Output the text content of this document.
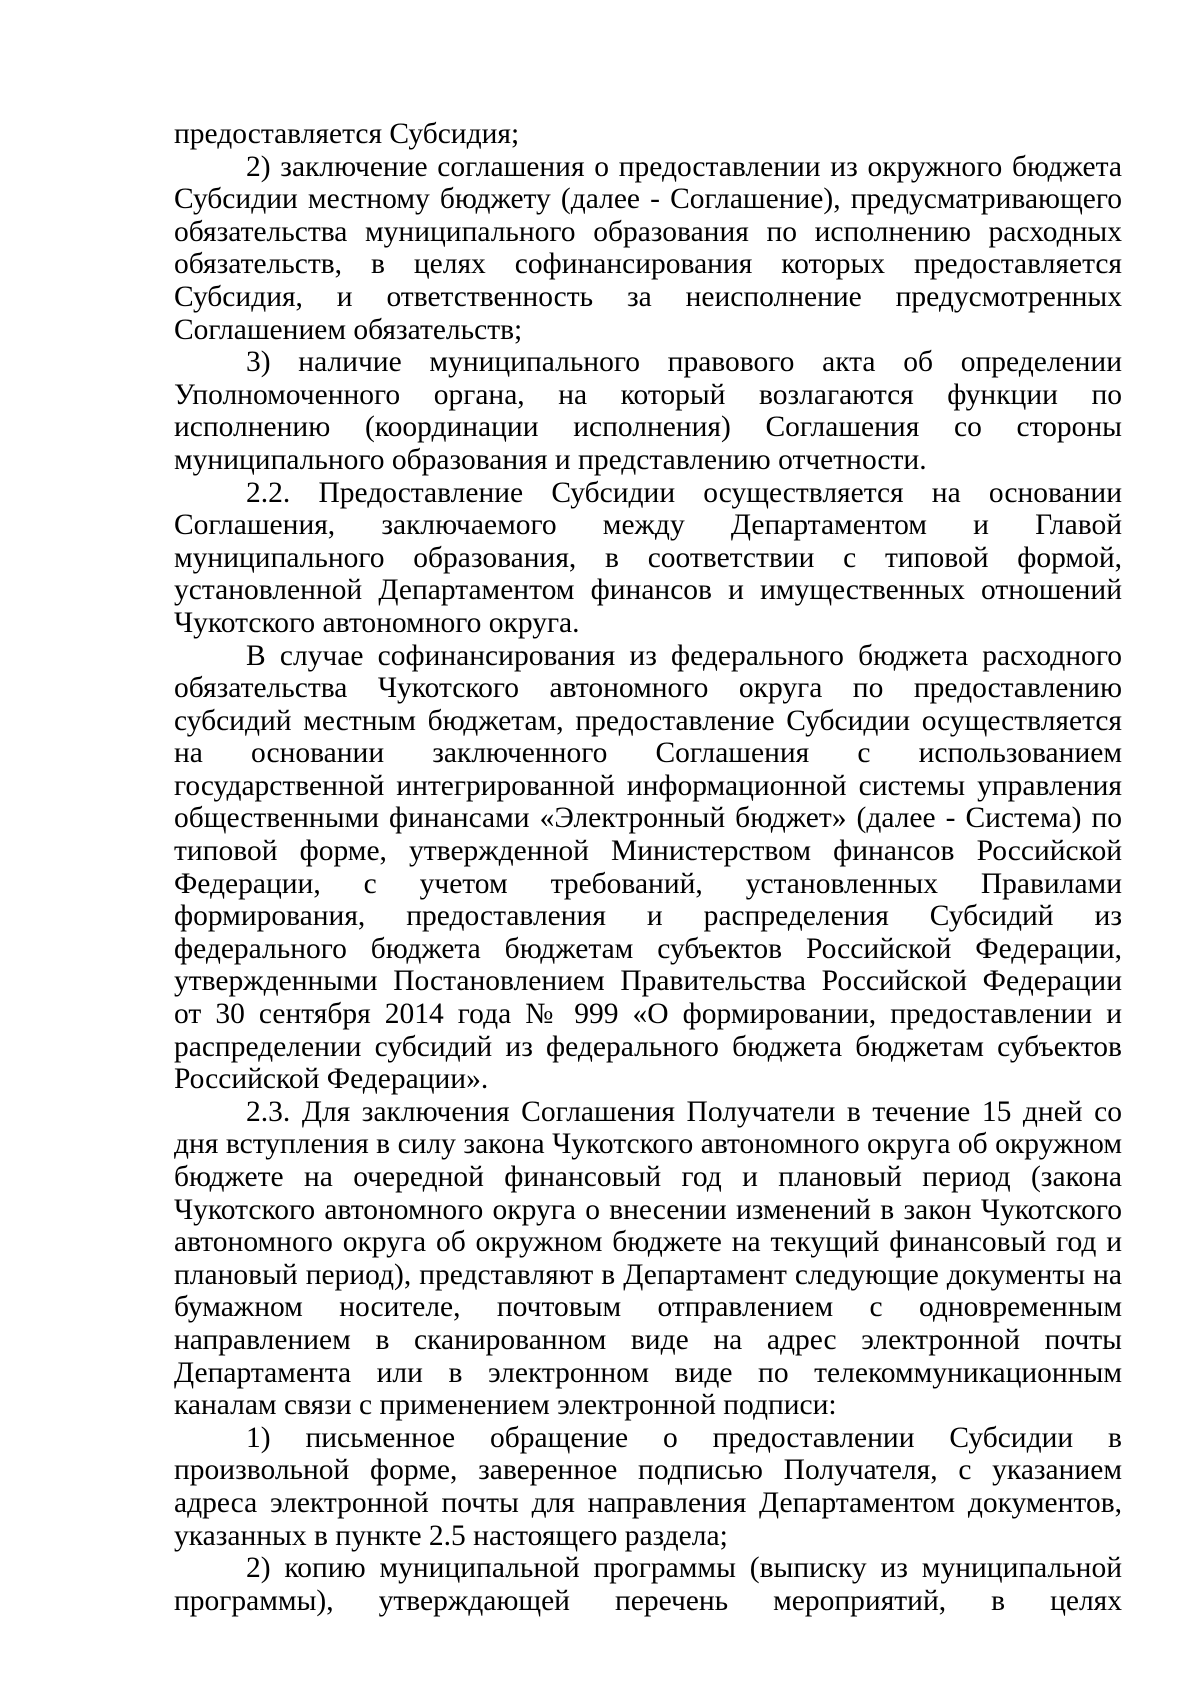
предоставляется Субсидия;

2) заключение соглашения о предоставлении из окружного бюджета Субсидии местному бюджету (далее - Соглашение), предусматривающего обязательства муниципального образования по исполнению расходных обязательств, в целях софинансирования которых предоставляется Субсидия, и ответственность за неисполнение предусмотренных Соглашением обязательств;

3) наличие муниципального правового акта об определении Уполномоченного органа, на который возлагаются функции по исполнению (координации исполнения) Соглашения со стороны муниципального образования и представлению отчетности.

2.2. Предоставление Субсидии осуществляется на основании Соглашения, заключаемого между Департаментом и Главой муниципального образования, в соответствии с типовой формой, установленной Департаментом финансов и имущественных отношений Чукотского автономного округа.

В случае софинансирования из федерального бюджета расходного обязательства Чукотского автономного округа по предоставлению субсидий местным бюджетам, предоставление Субсидии осуществляется на основании заключенного Соглашения с использованием государственной интегрированной информационной системы управления общественными финансами «Электронный бюджет» (далее - Система) по типовой форме, утвержденной Министерством финансов Российской Федерации, с учетом требований, установленных Правилами формирования, предоставления и распределения Субсидий из федерального бюджета бюджетам субъектов Российской Федерации, утвержденными Постановлением Правительства Российской Федерации от 30 сентября 2014 года № 999 «О формировании, предоставлении и распределении субсидий из федерального бюджета бюджетам субъектов Российской Федерации».

2.3. Для заключения Соглашения Получатели в течение 15 дней со дня вступления в силу закона Чукотского автономного округа об окружном бюджете на очередной финансовый год и плановый период (закона Чукотского автономного округа о внесении изменений в закон Чукотского автономного округа об окружном бюджете на текущий финансовый год и плановый период), представляют в Департамент следующие документы на бумажном носителе, почтовым отправлением с одновременным направлением в сканированном виде на адрес электронной почты Департамента или в электронном виде по телекоммуникационным каналам связи с применением электронной подписи:

1) письменное обращение о предоставлении Субсидии в произвольной форме, заверенное подписью Получателя, с указанием адреса электронной почты для направления Департаментом документов, указанных в пункте 2.5 настоящего раздела;

2) копию муниципальной программы (выписку из муниципальной программы), утверждающей перечень мероприятий, в целях
